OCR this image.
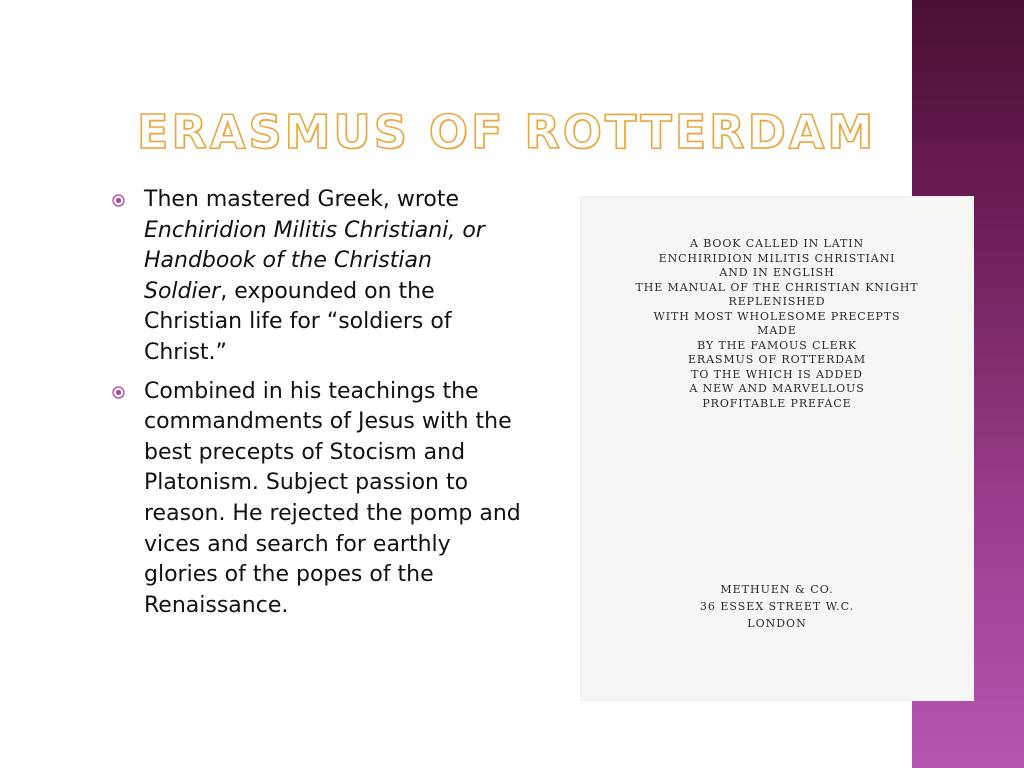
ERASMUS OF ROTTERDAM
Then mastered Greek, wrote Enchiridion Militis Christiani, or Handbook of the Christian Soldier, expounded on the Christian life for “soldiers of Christ.”
Combined in his teachings the commandments of Jesus with the best precepts of Stocism and Platonism. Subject passion to reason. He rejected the pomp and vices and search for earthly glories of the popes of the Renaissance.
A BOOK CALLED IN LATIN
ENCHIRIDION MILITIS CHRISTIANI
AND IN ENGLISH
THE MANUAL OF THE CHRISTIAN KNIGHT
REPLENISHED
WITH MOST WHOLESOME PRECEPTS
MADE
BY THE FAMOUS CLERK
ERASMUS OF ROTTERDAM
TO THE WHICH IS ADDED
A NEW AND MARVELLOUS
PROFITABLE PREFACE
METHUEN & CO.
36 ESSEX STREET W.C.
LONDON
